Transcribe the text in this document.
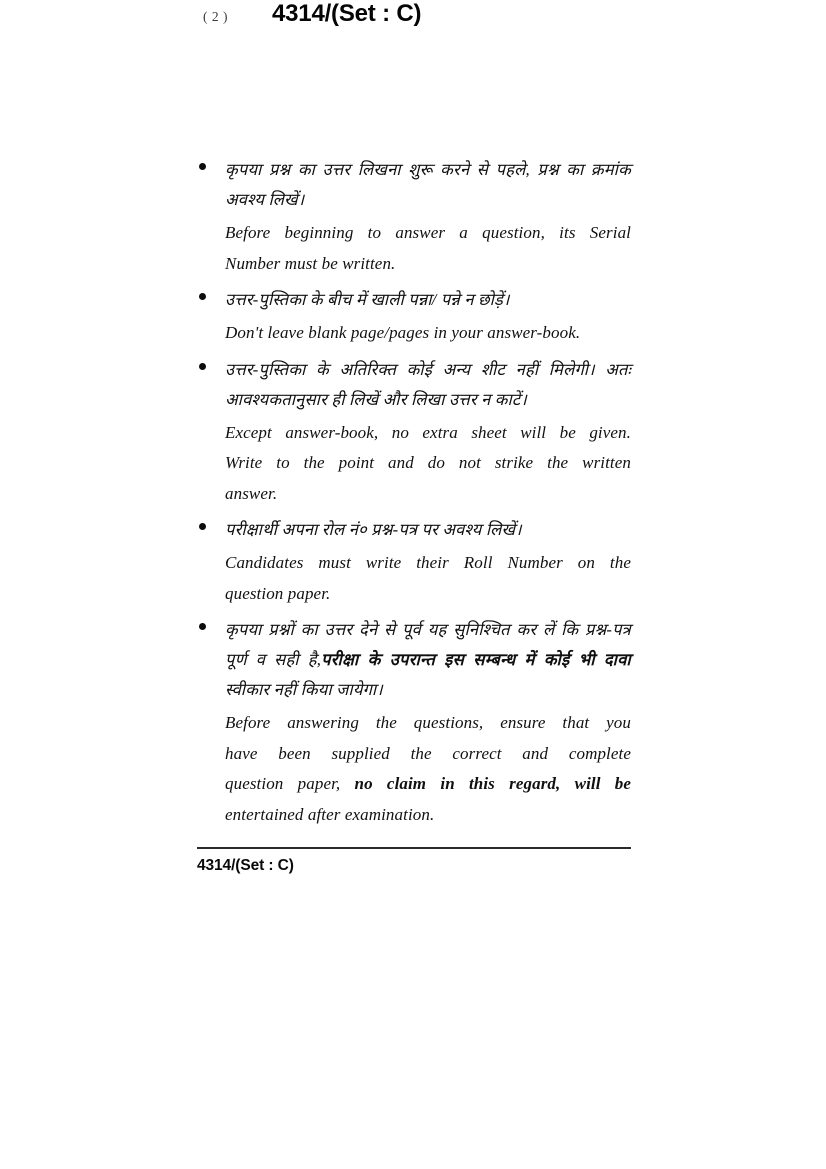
( 2 ) 4314/(Set : C)

कृपया प्रश्न का उत्तर लिखना शुरू करने से पहले, प्रश्न का क्रमांक

अवश्य लिखें।

Before beginning to answer a question, its Serial

Number must be written.

उत्तर-पुस्तिका के बीच में खाली पन्ना/ पन्ने न छोड़ें।

Don't leave blank page/pages in your answer-book.

उत्तर-पुस्तिका के अतिरिक्त कोई अन्य शीट नहीं मिलेगी। अतः

आवश्यकतानुसार ही लिखें और लिखा उत्तर न काटें।

Except answer-book, no extra sheet will be given.

Write to the point and do not strike the written

answer.

परीक्षार्थी अपना रोल नं० प्रश्न-पत्र पर अवश्य लिखें।

Candidates must write their Roll Number on the

question paper.

कृपया प्रश्नों का उत्तर देने से पूर्व यह सुनिश्चित कर लें कि प्रश्न-पत्र

पूर्ण व सही है,परीक्षा के उपरान्त इस सम्बन्ध में कोई भी दावा

स्वीकार नहीं किया जायेगा।

Before answering the questions, ensure that you

have been supplied the correct and complete

question paper, no claim in this regard, will be

entertained after examination.

4314/(Set : C)
